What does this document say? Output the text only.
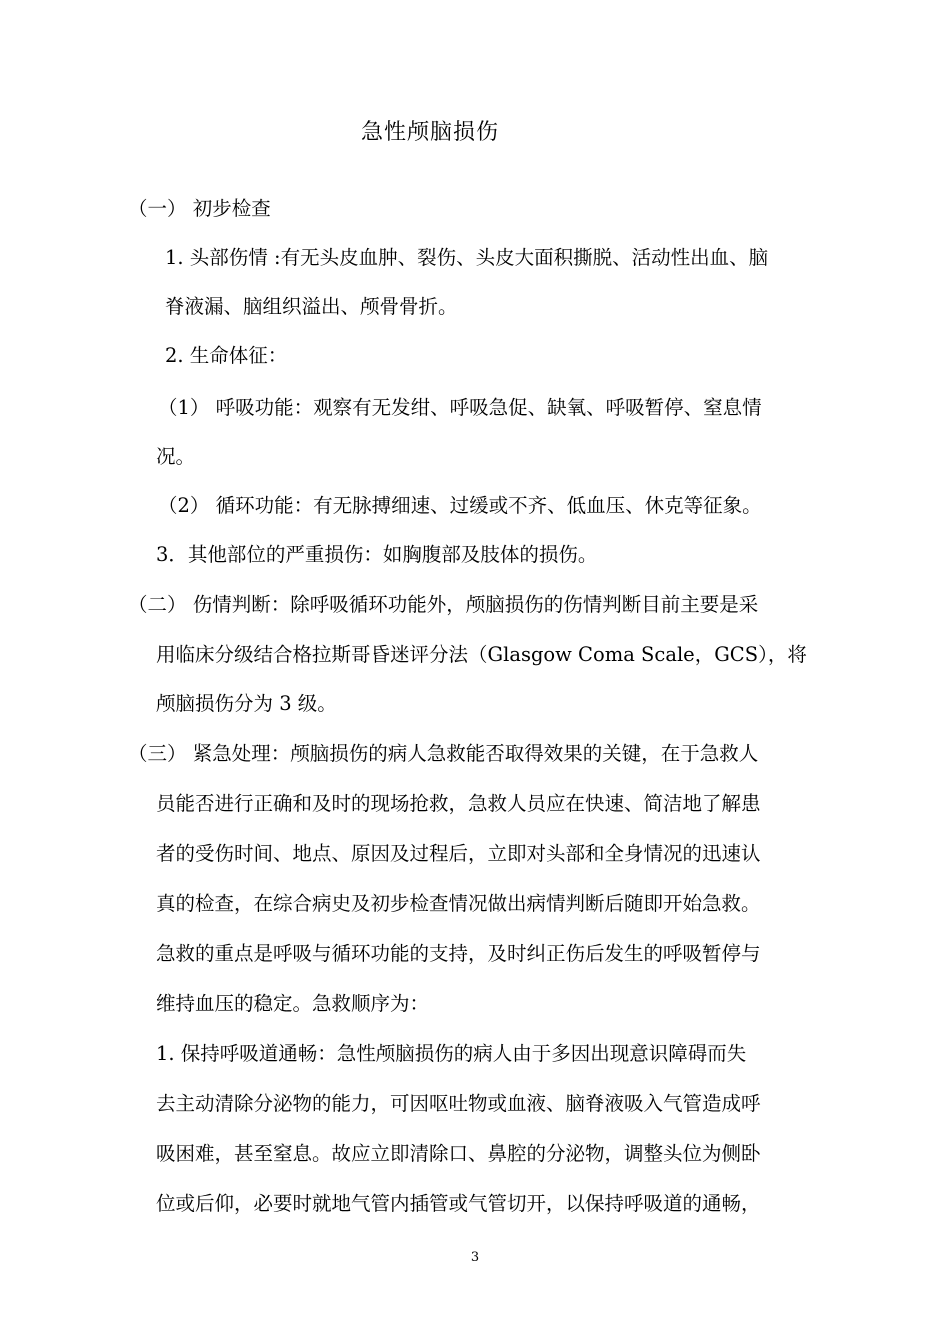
急性颅脑损伤
（一） 初步检查
1. 头部伤情 :有无头皮血肿、裂伤、头皮大面积撕脱、活动性出血、脑
脊液漏、脑组织溢出、颅骨骨折。
2. 生命体征：
（1） 呼吸功能：观察有无发绀、呼吸急促、缺氧、呼吸暂停、窒息情
况。
（2） 循环功能：有无脉搏细速、过缓或不齐、低血压、休克等征象。
3．其他部位的严重损伤：如胸腹部及肢体的损伤。
（二） 伤情判断：除呼吸循环功能外，颅脑损伤的伤情判断目前主要是采
用临床分级结合格拉斯哥昏迷评分法（Glasgow Coma Scale，GCS），将
颅脑损伤分为 3 级。
（三） 紧急处理：颅脑损伤的病人急救能否取得效果的关键，在于急救人
员能否进行正确和及时的现场抢救，急救人员应在快速、简洁地了解患
者的受伤时间、地点、原因及过程后，立即对头部和全身情况的迅速认
真的检查，在综合病史及初步检查情况做出病情判断后随即开始急救。
急救的重点是呼吸与循环功能的支持，及时纠正伤后发生的呼吸暂停与
维持血压的稳定。急救顺序为：
1. 保持呼吸道通畅：急性颅脑损伤的病人由于多因出现意识障碍而失
去主动清除分泌物的能力，可因呕吐物或血液、脑脊液吸入气管造成呼
吸困难，甚至窒息。故应立即清除口、鼻腔的分泌物，调整头位为侧卧
位或后仰，必要时就地气管内插管或气管切开，以保持呼吸道的通畅，
3
